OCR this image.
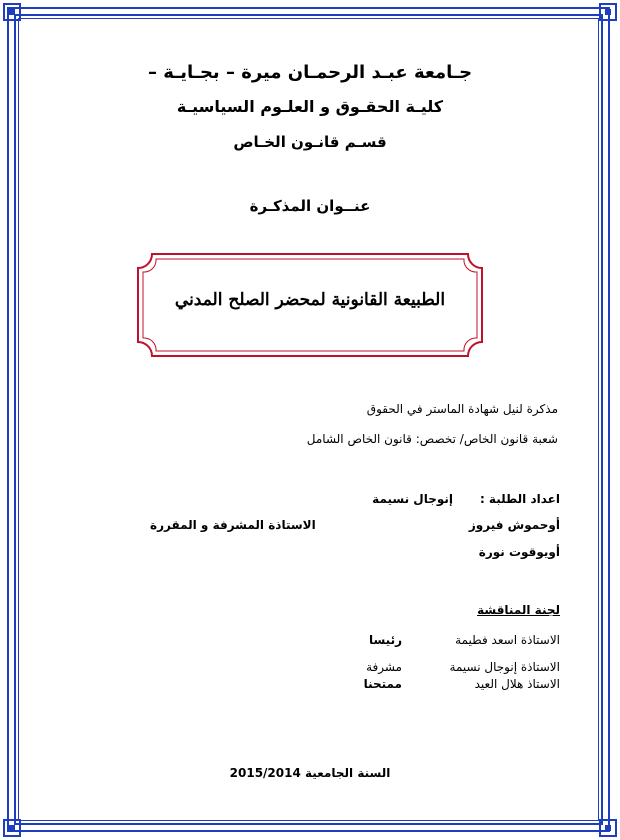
جـامعة عبـد الرحمـان ميرة – بجـايـة –
كليـة الحقـوق و العلـوم السياسيـة
قسـم قانـون الخـاص
عنــوان المذكـرة
الطبيعة القانونية لمحضر الصلح المدني
مذكرة لنيل شهادة الماستر في الحقوق
شعبة قانون الخاص/ تخصص: قانون الخاص الشامل
اعداد الطلبة :
إنوجال نسيمة
أوحموش فيروز
الاستاذة المشرفة و المقررة
أويوقوت نورة
لجنة المناقشة
الاستاذة اسعد فطيمة
رئيسا
الاستاذة إنوجال نسيمة
مشرفة
الاستاذ هلال العيد
ممتحنا
السنة الجامعية 2015/2014
